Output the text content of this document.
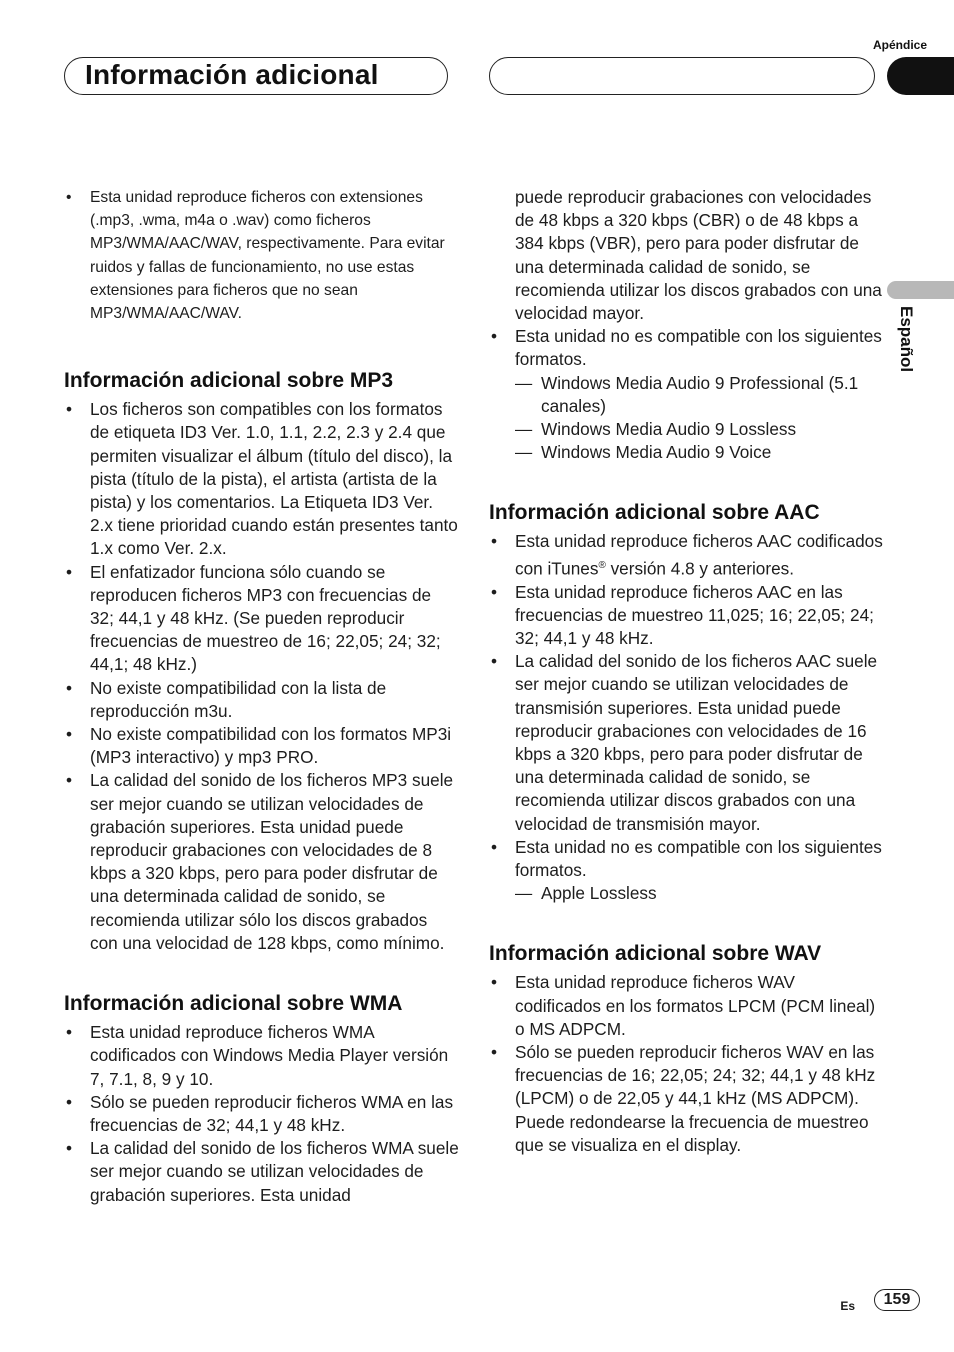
Apéndice
Información adicional
Español
• Esta unidad reproduce ficheros con extensiones (.mp3, .wma, m4a o .wav) como ficheros MP3/WMA/AAC/WAV, respectivamente. Para evitar ruidos y fallas de funcionamiento, no use estas extensiones para ficheros que no sean MP3/WMA/AAC/WAV.
Información adicional sobre MP3
• Los ficheros son compatibles con los formatos de etiqueta ID3 Ver. 1.0, 1.1, 2.2, 2.3 y 2.4 que permiten visualizar el álbum (título del disco), la pista (título de la pista), el artista (artista de la pista) y los comentarios. La Etiqueta ID3 Ver. 2.x tiene prioridad cuando están presentes tanto 1.x como Ver. 2.x.
• El enfatizador funciona sólo cuando se reproducen ficheros MP3 con frecuencias de 32; 44,1 y 48 kHz. (Se pueden reproducir frecuencias de muestreo de 16; 22,05; 24; 32; 44,1; 48 kHz.)
• No existe compatibilidad con la lista de reproducción m3u.
• No existe compatibilidad con los formatos MP3i (MP3 interactivo) y mp3 PRO.
• La calidad del sonido de los ficheros MP3 suele ser mejor cuando se utilizan velocidades de grabación superiores. Esta unidad puede reproducir grabaciones con velocidades de 8 kbps a 320 kbps, pero para poder disfrutar de una determinada calidad de sonido, se recomienda utilizar sólo los discos grabados con una velocidad de 128 kbps, como mínimo.
Información adicional sobre WMA
• Esta unidad reproduce ficheros WMA codificados con Windows Media Player versión 7, 7.1, 8, 9 y 10.
• Sólo se pueden reproducir ficheros WMA en las frecuencias de 32; 44,1 y 48 kHz.
• La calidad del sonido de los ficheros WMA suele ser mejor cuando se utilizan velocidades de grabación superiores. Esta unidad
puede reproducir grabaciones con velocidades de 48 kbps a 320 kbps (CBR) o de 48 kbps a 384 kbps (VBR), pero para poder disfrutar de una determinada calidad de sonido, se recomienda utilizar los discos grabados con una velocidad mayor.
• Esta unidad no es compatible con los siguientes formatos.
— Windows Media Audio 9 Professional (5.1 canales)
— Windows Media Audio 9 Lossless
— Windows Media Audio 9 Voice
Información adicional sobre AAC
• Esta unidad reproduce ficheros AAC codificados con iTunes® versión 4.8 y anteriores.
• Esta unidad reproduce ficheros AAC en las frecuencias de muestreo 11,025; 16; 22,05; 24; 32; 44,1 y 48 kHz.
• La calidad del sonido de los ficheros AAC suele ser mejor cuando se utilizan velocidades de transmisión superiores. Esta unidad puede reproducir grabaciones con velocidades de 16 kbps a 320 kbps, pero para poder disfrutar de una determinada calidad de sonido, se recomienda utilizar discos grabados con una velocidad de transmisión mayor.
• Esta unidad no es compatible con los siguientes formatos.
— Apple Lossless
Información adicional sobre WAV
• Esta unidad reproduce ficheros WAV codificados en los formatos LPCM (PCM lineal) o MS ADPCM.
• Sólo se pueden reproducir ficheros WAV en las frecuencias de 16; 22,05; 24; 32; 44,1 y 48 kHz (LPCM) o de 22,05 y 44,1 kHz (MS ADPCM). Puede redondearse la frecuencia de muestreo que se visualiza en el display.
Es	159
